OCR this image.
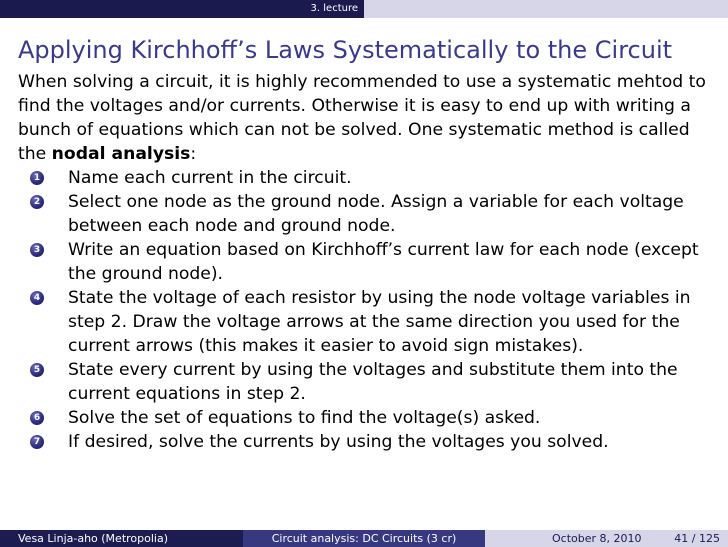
3. lecture
Applying Kirchhoff’s Laws Systematically to the Circuit

When solving a circuit, it is highly recommended to use a systematic mehtod to find the voltages and/or currents. Otherwise it is easy to end up with writing a bunch of equations which can not be solved. One systematic method is called the nodal analysis:

1 Name each current in the circuit.
2 Select one node as the ground node. Assign a variable for each voltage between each node and ground node.
3 Write an equation based on Kirchhoff’s current law for each node (except the ground node).
4 State the voltage of each resistor by using the node voltage variables in step 2. Draw the voltage arrows at the same direction you used for the current arrows (this makes it easier to avoid sign mistakes).
5 State every current by using the voltages and substitute them into the current equations in step 2.
6 Solve the set of equations to find the voltage(s) asked.
7 If desired, solve the currents by using the voltages you solved.
Vesa Linja-aho (Metropolia)	Circuit analysis: DC Circuits (3 cr)	October 8, 2010	41 / 125
